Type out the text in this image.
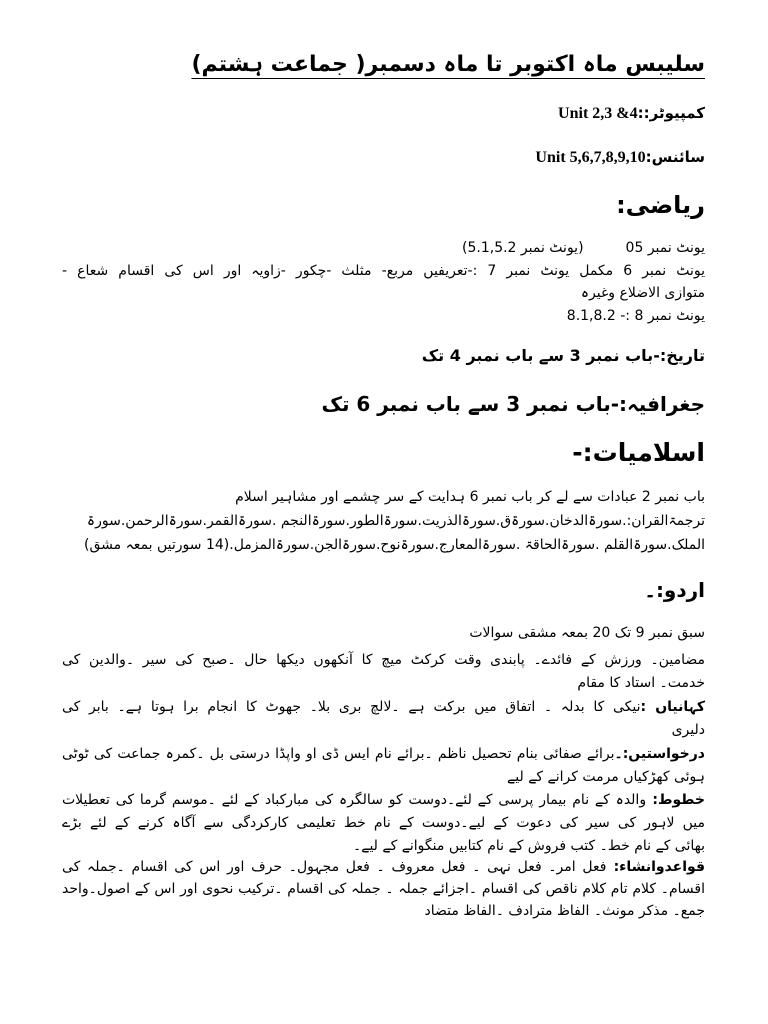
سلیبس ماہ اکتوبر تا ماہ دسمبر( جماعت ہشتم)
کمپیوٹر::Unit 2,3 &4
سائنس:Unit 5,6,7,8,9,10
ریاضی:
یونٹ نمبر 05(یونٹ نمبر 5.1,5.2)
یونٹ نمبر 6 مکمل یونٹ نمبر 7 :-تعریفیں مربع- مثلث -چکور -زاویہ اور اس کی اقسام شعاع -
متوازی الاضلاع وغیرہ
یونٹ نمبر 8 :- 8.1,8.2
تاریخ:-باب نمبر 3 سے باب نمبر 4 تک
جغرافیہ:-باب نمبر 3 سے باب نمبر 6 تک
اسلامیات:-
باب نمبر 2 عبادات سے لے کر باب نمبر 6 ہدایت کے سر چشمے اور مشاہیر اسلام
ترجمۃالقران:.سورۃالدخان.سورۃق.سورۃالذریت.سورۃالطور.سورۃالنجم .سورۃالقمر.سورۃالرحمن.سورۃ
الملک.سورۃالقلم .سورۃالحاقۃ .سورۃالمعارج.سورۃنوح.سورۃالجن.سورۃالمزمل.(14 سورتیں بمعہ مشق)
اردو:۔
سبق نمبر 9 تک 20 بمعہ مشقی سوالات
مضامین۔ ورزش کے فائدے۔ پابندی وقت کرکٹ میچ کا آنکھوں دیکھا حال ۔صبح کی سیر ۔والدین کی
خدمت۔ استاد کا مقام
کہانیاں :نیکی کا بدلہ ۔ اتفاق میں برکت ہے ۔لالچ بری بلا۔ جھوٹ کا انجام برا ہوتا ہے۔ بابر کی
دلیری
درخواستیں:۔برائے صفائی بنام تحصیل ناظم ۔برائے نام ایس ڈی او واپڈا درستی بل ۔کمرہ جماعت کی ٹوٹی
ہوئی کھڑکیاں مرمت کرانے کے لیے
خطوط: والدہ کے نام بیمار پرسی کے لئے۔دوست کو سالگرہ کی مبارکباد کے لئے ۔موسم گرما کی تعطیلات
میں لاہور کی سیر کی دعوت کے لیے۔دوست کے نام خط تعلیمی کارکردگی سے آگاہ کرنے کے لئے بڑے
بھائی کے نام خط۔ کتب فروش کے نام کتابیں منگوانے کے لیے۔
قواعدوانشاء: فعل امر۔ فعل نہی ۔ فعل معروف ۔ فعل مجہول۔ حرف اور اس کی اقسام ۔جملہ کی
اقسام۔ کلام تام کلام ناقص کی اقسام ۔اجزائے جملہ ۔ جملہ کی اقسام ۔ترکیب نحوی اور اس کے اصول۔واحد
جمع۔ مذکر مونث۔ الفاظ مترادف ۔الفاظ متضاد
